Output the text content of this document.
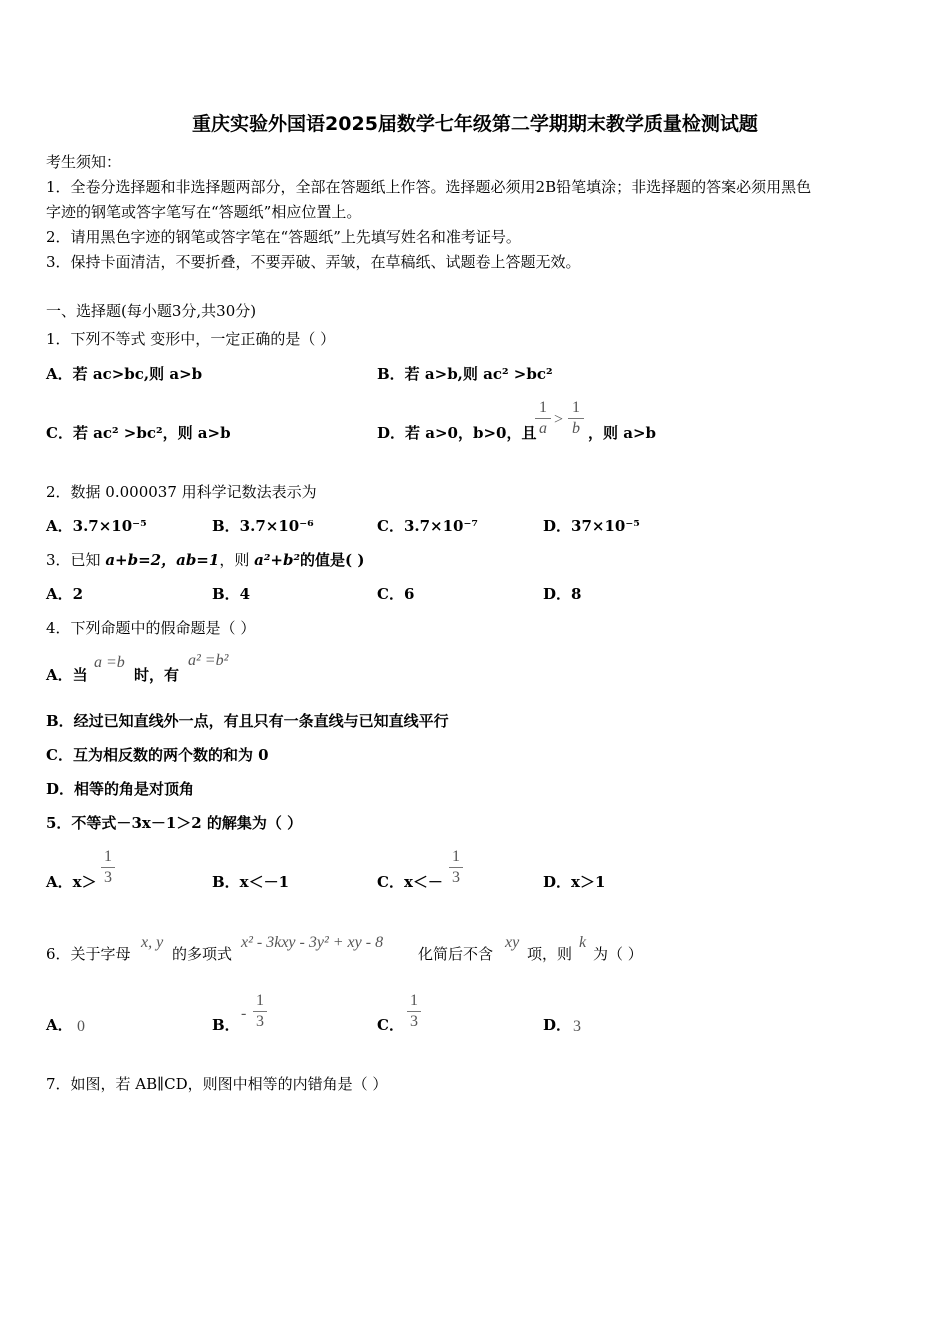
重庆实验外国语2025届数学七年级第二学期期末教学质量检测试题
考生须知：
1．全卷分选择题和非选择题两部分，全部在答题纸上作答。选择题必须用2B铅笔填涂；非选择题的答案必须用黑色
字迹的钢笔或答字笔写在“答题纸”相应位置上。
2．请用黑色字迹的钢笔或答字笔在“答题纸”上先填写姓名和准考证号。
3．保持卡面清洁，不要折叠，不要弄破、弄皱，在草稿纸、试题卷上答题无效。
一、选择题(每小题3分,共30分)
1．下列不等式 变形中，一定正确的是（ ）
A．若 ac>bc,则 a>b	B．若 a>b,则 ac² >bc²
C．若 ac² >bc²，则 a>b	D．若 a>0，b>0，且
1
a
>
1
b ，则 a>b
2．数据 0.000037 用科学记数法表示为
A．3.7×10⁻⁵	B．3.7×10⁻⁶	C．3.7×10⁻⁷	D．37×10⁻⁵
3．已知 a+b=2，ab=1，则 a²+b²的值是( )
A．2	B．4	C．6	D．8
4．下列命题中的假命题是（ ）
A．当
a =b
时，有
a² =b²
B．经过已知直线外一点，有且只有一条直线与已知直线平行
C．互为相反数的两个数的和为 0
D．相等的角是对顶角
5．不等式－3x－1＞2 的解集为（ ）
A．x＞
1
3	B．x＜－1	C．x＜－
1
3	D．x＞1
6．关于字母
x, y
的多项式
x² - 3kxy - 3y² + xy - 8
化简后不含
xy
项，则
k
为（ ）
A． 0	B．
-
1
3	C．
1
3	D． 3
7．如图，若 AB∥CD，则图中相等的内错角是（ ）
